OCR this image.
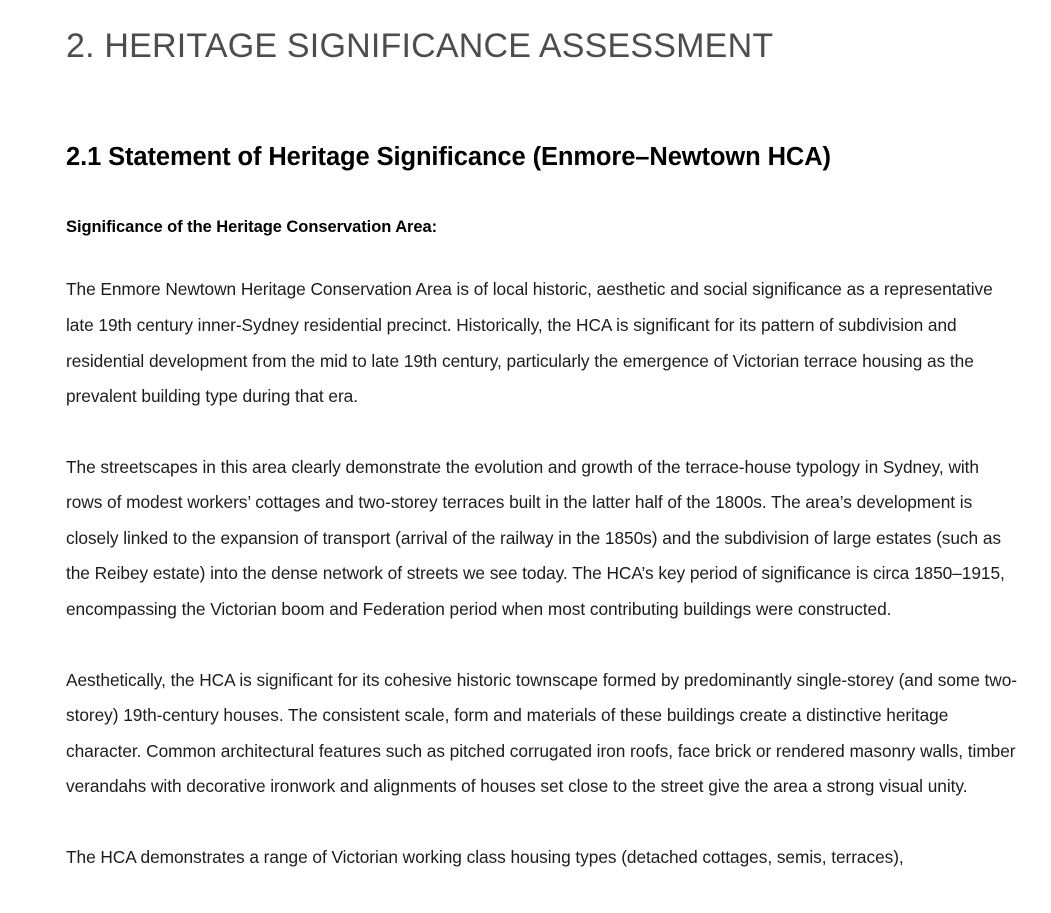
2. HERITAGE SIGNIFICANCE ASSESSMENT
2.1 Statement of Heritage Significance (Enmore–Newtown HCA)
Significance of the Heritage Conservation Area:

The Enmore Newtown Heritage Conservation Area is of local historic, aesthetic and social significance as a representative late 19th century inner-Sydney residential precinct. Historically, the HCA is significant for its pattern of subdivision and residential development from the mid to late 19th century, particularly the emergence of Victorian terrace housing as the prevalent building type during that era.

The streetscapes in this area clearly demonstrate the evolution and growth of the terrace-house typology in Sydney, with rows of modest workers’ cottages and two-storey terraces built in the latter half of the 1800s. The area’s development is closely linked to the expansion of transport (arrival of the railway in the 1850s) and the subdivision of large estates (such as the Reibey estate) into the dense network of streets we see today. The HCA’s key period of significance is circa 1850–1915, encompassing the Victorian boom and Federation period when most contributing buildings were constructed.

Aesthetically, the HCA is significant for its cohesive historic townscape formed by predominantly single-storey (and some two-storey) 19th-century houses. The consistent scale, form and materials of these buildings create a distinctive heritage character. Common architectural features such as pitched corrugated iron roofs, face brick or rendered masonry walls, timber verandahs with decorative ironwork and alignments of houses set close to the street give the area a strong visual unity.

The HCA demonstrates a range of Victorian working class housing types (detached cottages, semis, terraces),
